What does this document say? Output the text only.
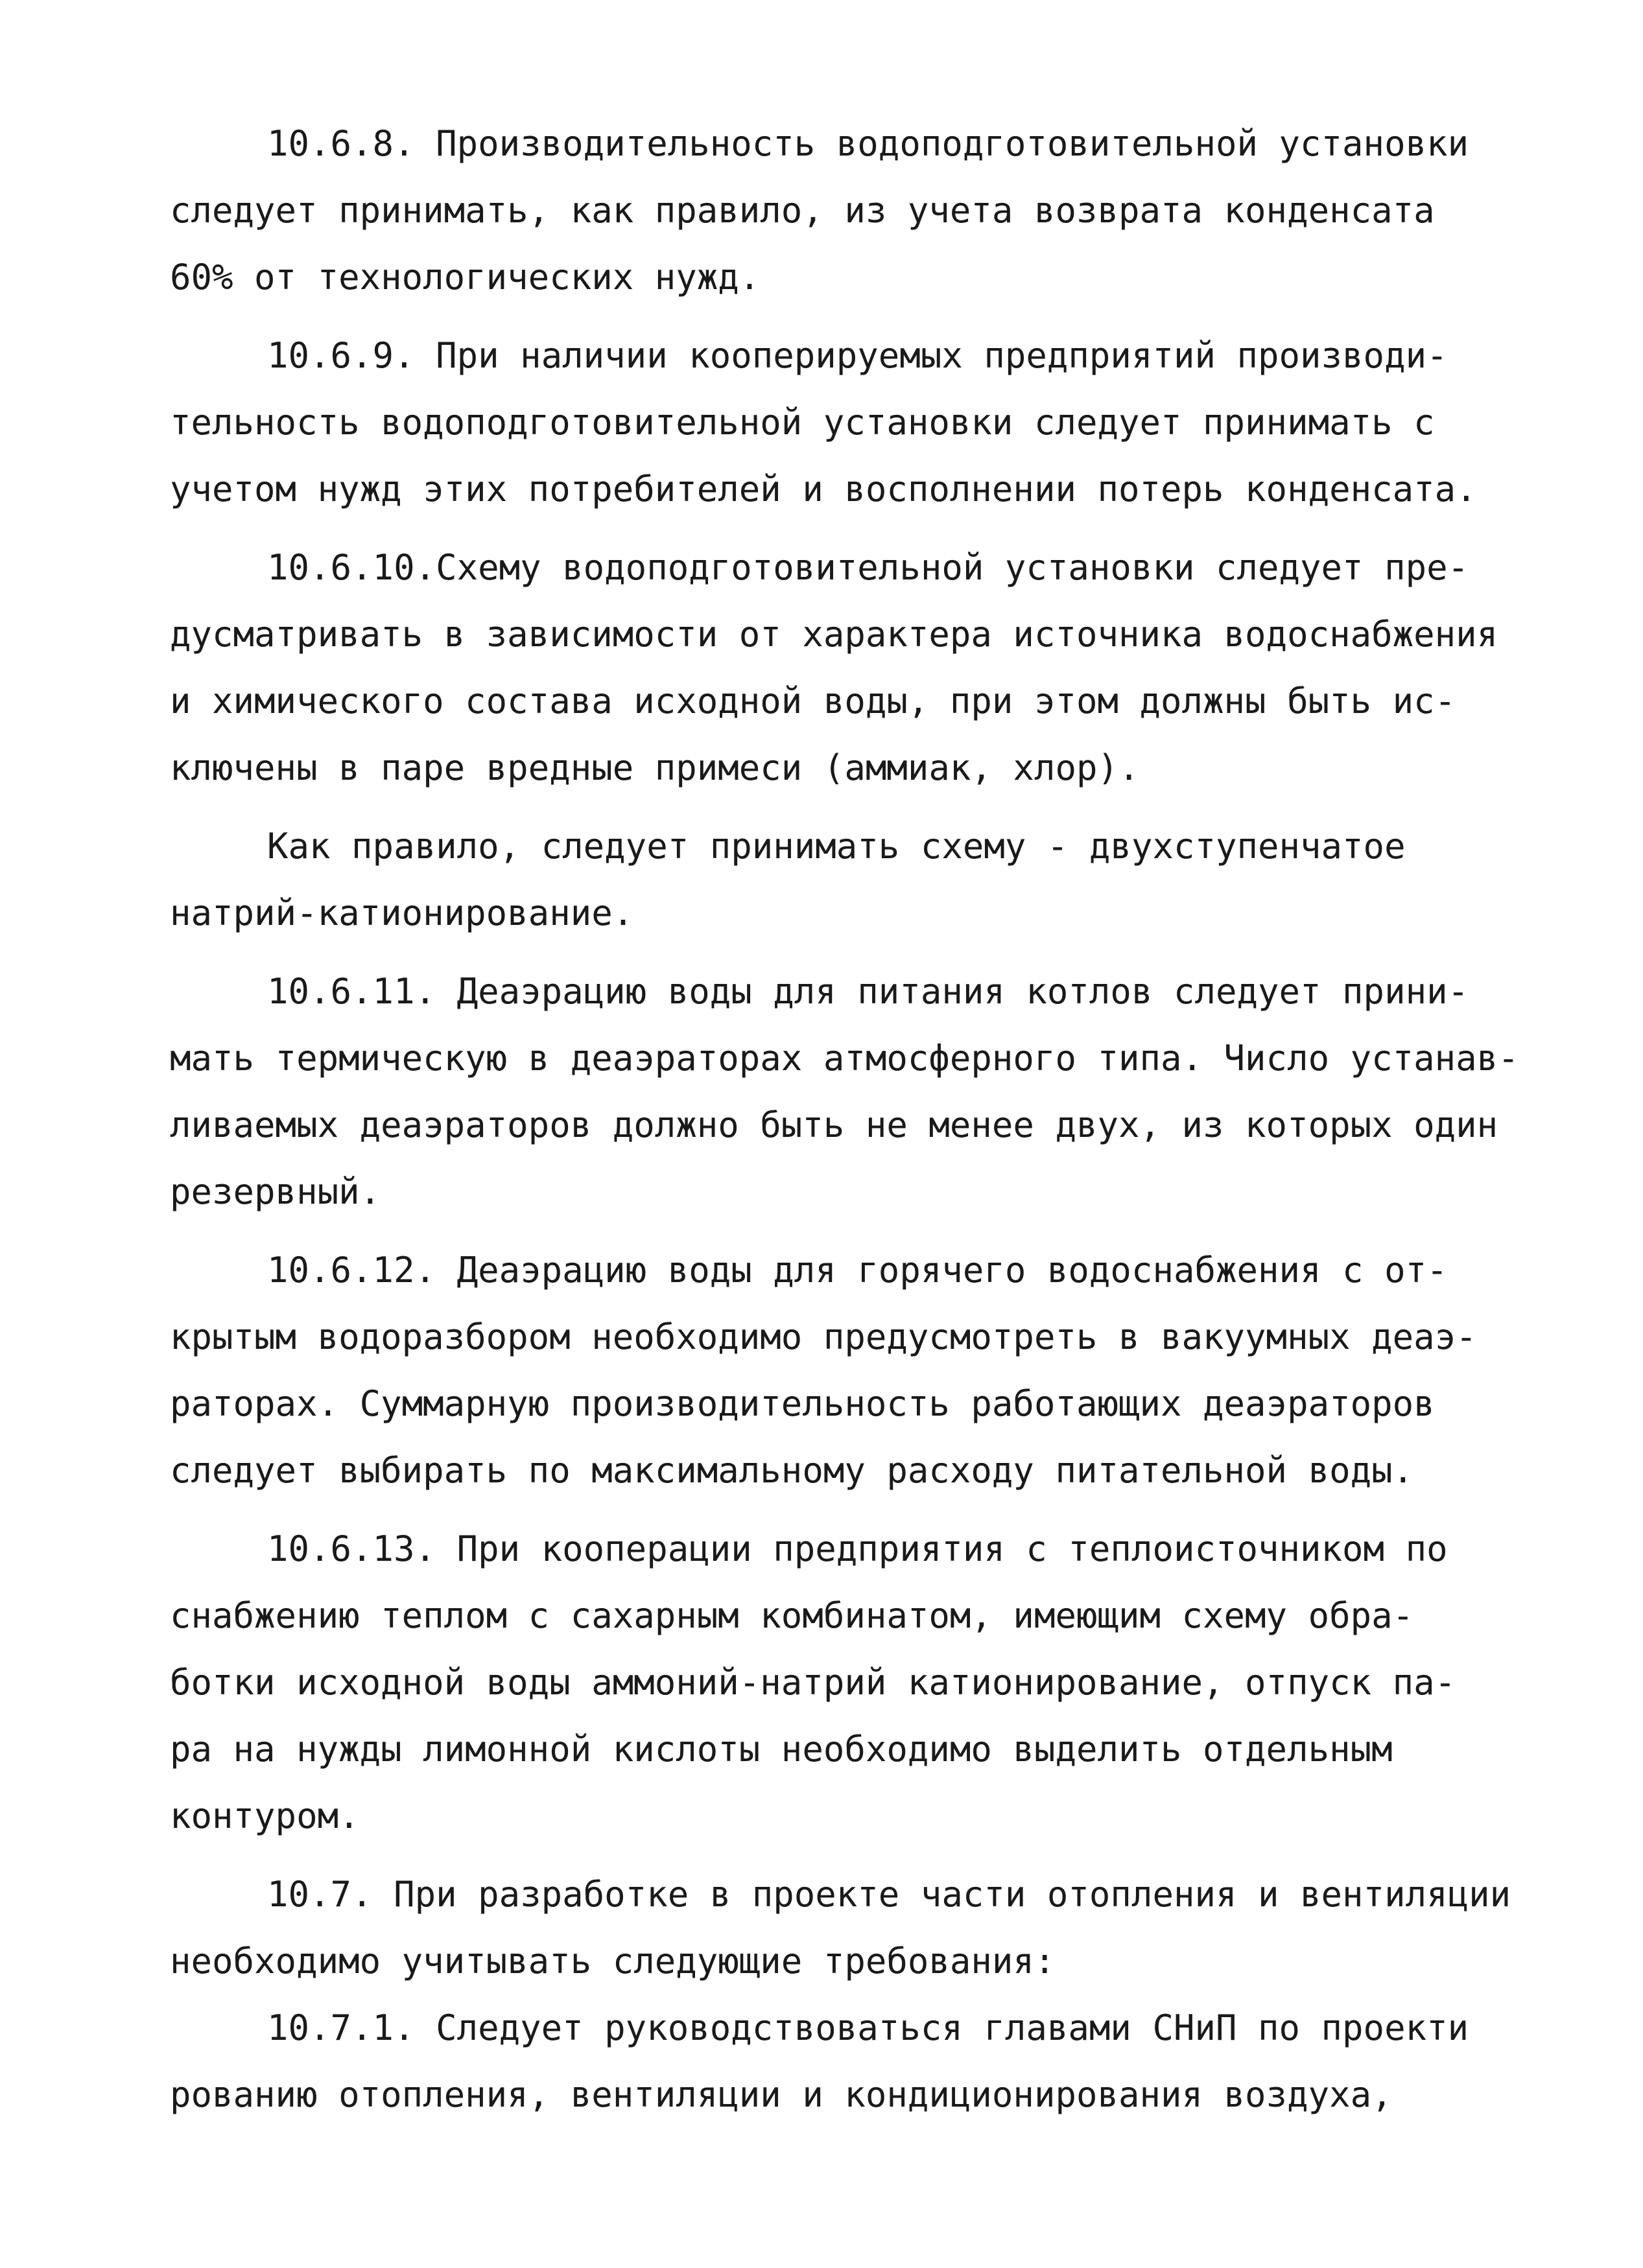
10.6.8. Производительность водоподготовительной установки
следует принимать, как правило, из учета возврата конденсата
60% от технологических нужд.
10.6.9. При наличии кооперируемых предприятий производи-
тельность водоподготовительной установки следует принимать с
учетом нужд этих потребителей и восполнении потерь конденсата.
10.6.10.Схему водоподготовительной установки следует пре-
дусматривать в зависимости от характера источника водоснабжения
и химического состава исходной воды, при этом должны быть ис-
ключены в паре вредные примеси (аммиак, хлор).
Как правило, следует принимать схему - двухступенчатое
натрий-катионирование.
10.6.11. Деаэрацию воды для питания котлов следует прини-
мать термическую в деаэраторах атмосферного типа. Число устанав-
ливаемых деаэраторов должно быть не менее двух, из которых один
резервный.
10.6.12. Деаэрацию воды для горячего водоснабжения с от-
крытым водоразбором необходимо предусмотреть в вакуумных деаэ-
раторах. Суммарную производительность работающих деаэраторов
следует выбирать по максимальному расходу питательной воды.
10.6.13. При кооперации предприятия с теплоисточником по
снабжению теплом с сахарным комбинатом, имеющим схему обра-
ботки исходной воды аммоний-натрий катионирование, отпуск па-
ра на нужды лимонной кислоты необходимо выделить отдельным
контуром.
10.7. При разработке в проекте части отопления и вентиляции
необходимо учитывать следующие требования:
10.7.1. Следует руководствоваться главами СНиП по проекти
рованию отопления, вентиляции и кондиционирования воздуха,
